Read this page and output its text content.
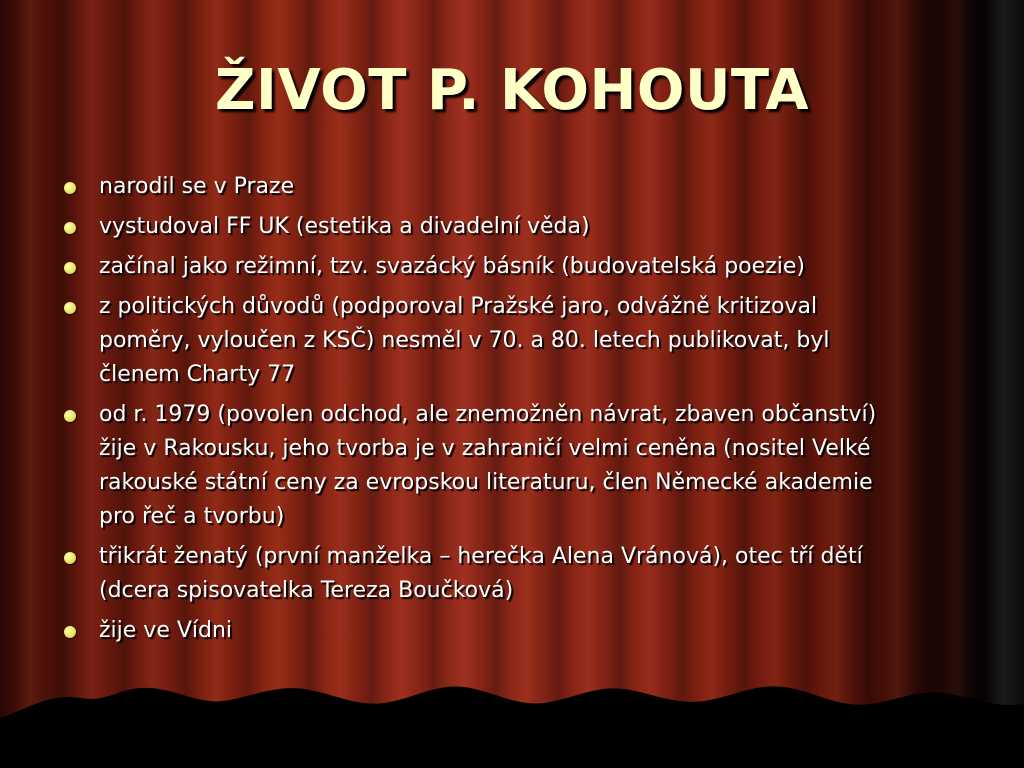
ŽIVOT P. KOHOUTA
narodil se v Praze
vystudoval FF UK (estetika a divadelní věda)
začínal jako režimní, tzv. svazácký básník (budovatelská poezie)
z politických důvodů (podporoval Pražské jaro, odvážně kritizoval poměry, vyloučen z KSČ) nesměl v 70. a 80. letech publikovat, byl členem Charty 77
od r. 1979 (povolen odchod, ale znemožněn návrat, zbaven občanství) žije v Rakousku, jeho tvorba je v zahraničí velmi ceněna (nositel Velké rakouské státní ceny za evropskou literaturu, člen Německé akademie pro řeč a tvorbu)
třikrát ženatý (první manželka – herečka Alena Vránová), otec tří dětí (dcera spisovatelka Tereza Boučková)
žije ve Vídni
